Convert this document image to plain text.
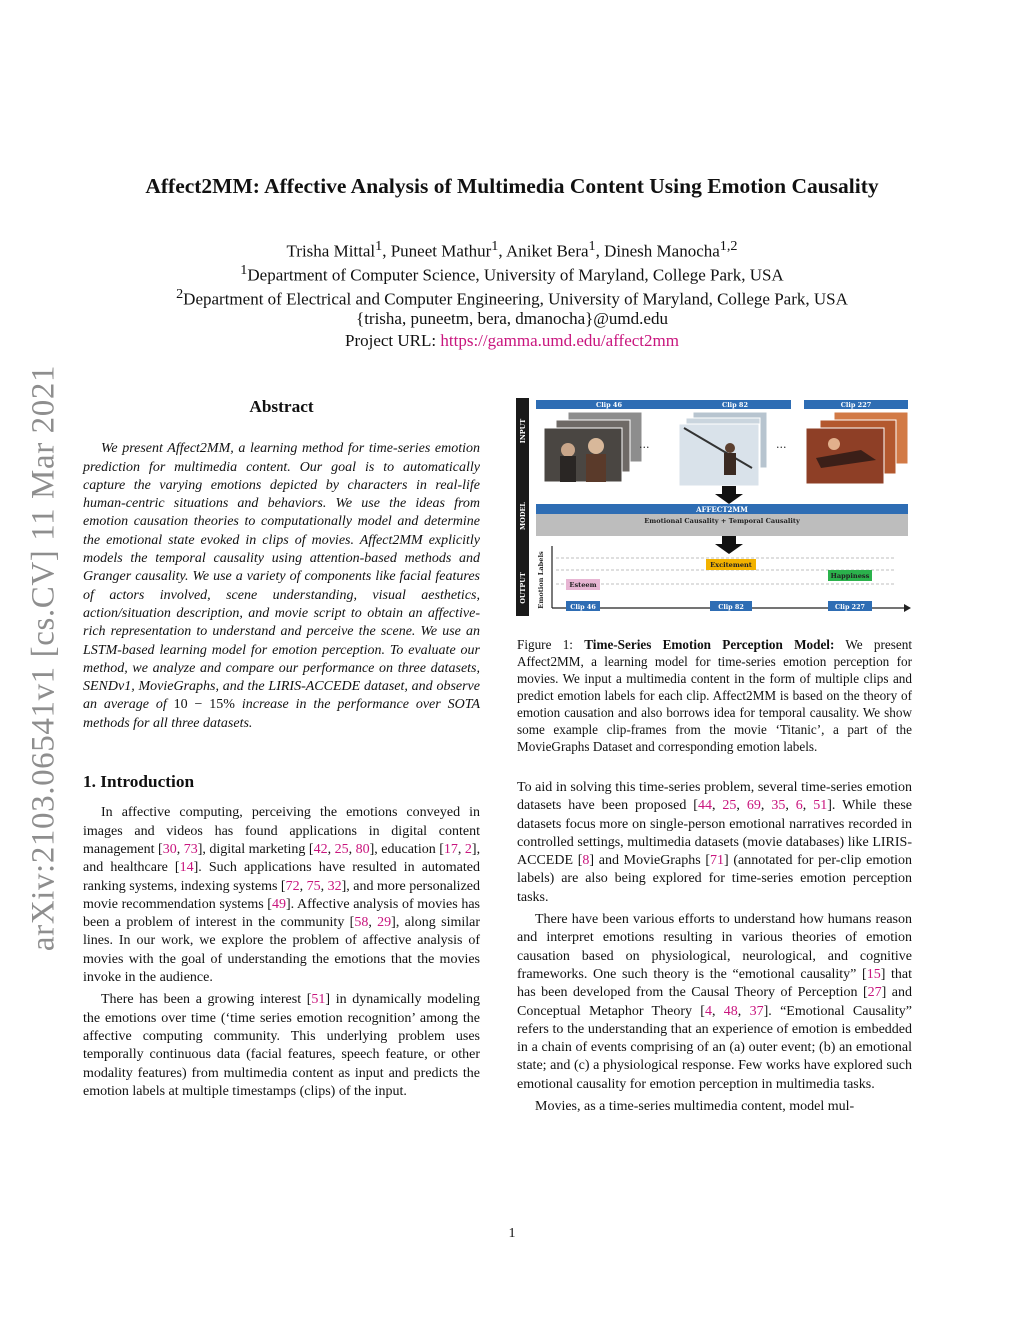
arXiv:2103.06541v1 [cs.CV] 11 Mar 2021
Affect2MM: Affective Analysis of Multimedia Content Using Emotion Causality
Trisha Mittal$^1$, Puneet Mathur$^1$, Aniket Bera$^1$, Dinesh Manocha$^{1,2}$
$^1$Department of Computer Science, University of Maryland, College Park, USA
$^2$Department of Electrical and Computer Engineering, University of Maryland, College Park, USA
{trisha, puneetm, bera, dmanocha}@umd.edu
Project URL: https://gamma.umd.edu/affect2mm
Abstract

We present Affect2MM, a learning method for time-series emotion prediction for multimedia content. Our goal is to automatically capture the varying emotions depicted by characters in real-life human-centric situations and behaviors. We use the ideas from emotion causation theories to computationally model and determine the emotional state evoked in clips of movies. Affect2MM explicitly models the temporal causality using attention-based methods and Granger causality. We use a variety of components like facial features of actors involved, scene understanding, visual aesthetics, action/situation description, and movie script to obtain an affective-rich representation to understand and perceive the scene. We use an LSTM-based learning model for emotion perception. To evaluate our method, we analyze and compare our performance on three datasets, SENDv1, MovieGraphs, and the LIRIS-ACCEDE dataset, and observe an average of 10 − 15% increase in the performance over SOTA methods for all three datasets.

1. Introduction

In affective computing, perceiving the emotions conveyed in images and videos has found applications in digital content management [30, 73], digital marketing [42, 25, 80], education [17, 2], and healthcare [14]. Such applications have resulted in automated ranking systems, indexing systems [72, 75, 32], and more personalized movie recommendation systems [49]. Affective analysis of movies has been a problem of interest in the community [58, 29], along similar lines. In our work, we explore the problem of affective analysis of movies with the goal of understanding the emotions that the movies invoke in the audience.

There has been a growing interest [51] in dynamically modeling the emotions over time (‘time series emotion recognition’ among the affective computing community. This underlying problem uses temporally continuous data (facial features, speech feature, or other modality features) from multimedia content as input and predicts the emotion labels at multiple timestamps (clips) of the input.

INPUT
MODEL
OUTPUT
Clip 46	Clip 82	Clip 227
...	...
AFFECT2MM
Emotional Causality + Temporal Causality
Emotion Labels	Esteem
Excitement
Happiness
Clip 46	Clip 82	Clip 227

Figure 1: Time-Series Emotion Perception Model: We present Affect2MM, a learning model for time-series emotion perception for movies. We input a multimedia content in the form of multiple clips and predict emotion labels for each clip. Affect2MM is based on the theory of emotion causation and also borrows idea for temporal causality. We show some example clip-frames from the movie ‘Titanic’, a part of the MovieGraphs Dataset and corresponding emotion labels.

To aid in solving this time-series problem, several time-series emotion datasets have been proposed [44, 25, 69, 35, 6, 51]. While these datasets focus more on single-person emotional narratives recorded in controlled settings, multimedia datasets (movie databases) like LIRIS-ACCEDE [8] and MovieGraphs [71] (annotated for per-clip emotion labels) are also being explored for time-series emotion perception tasks.

There have been various efforts to understand how humans reason and interpret emotions resulting in various theories of emotion causation based on physiological, neurological, and cognitive frameworks. One such theory is the “emotional causality” [15] that has been developed from the Causal Theory of Perception [27] and Conceptual Metaphor Theory [4, 48, 37]. “Emotional Causality” refers to the understanding that an experience of emotion is embedded in a chain of events comprising of an (a) outer event; (b) an emotional state; and (c) a physiological response. Few works have explored such emotional causality for emotion perception in multimedia tasks.

Movies, as a time-series multimedia content, model mul-

1
